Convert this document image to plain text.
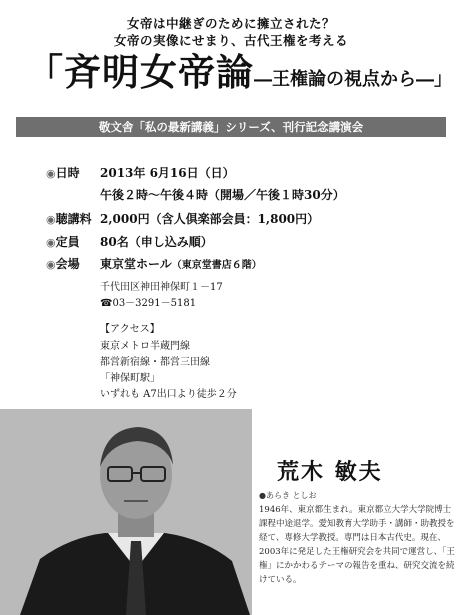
女帝は中継ぎのために擁立された？
女帝の実像にせまり、古代王権を考える
「斉明女帝論―王権論の視点から―」
敬文舎「私の最新講義」シリーズ、刊行記念講演会
◉日時 2013年 6月16日（日）
午後２時～午後４時（開場／午後１時30分）
◉聴講料 2,000円（含人倶楽部会員：1,800円）
◉定員 80名（申し込み順）
◉会場 東京堂ホール（東京堂書店６階）
千代田区神田神保町１－17
☎03－3291－5181
【アクセス】
東京メトロ半蔵門線
都営新宿線・都営三田線
「神保町駅」
いずれも A7出口より徒歩２分
荒木 敏夫
●あらき としお
1946年、東京都生まれ。東京都立大学大学院博士課程中途退学。愛知教育大学助手・講師・助教授を経て、専修大学教授。専門は日本古代史。現在、2003年に発足した王権研究会を共同で運営し、「王権」にかかわるテーマの報告を重ね、研究交流を続けている。
